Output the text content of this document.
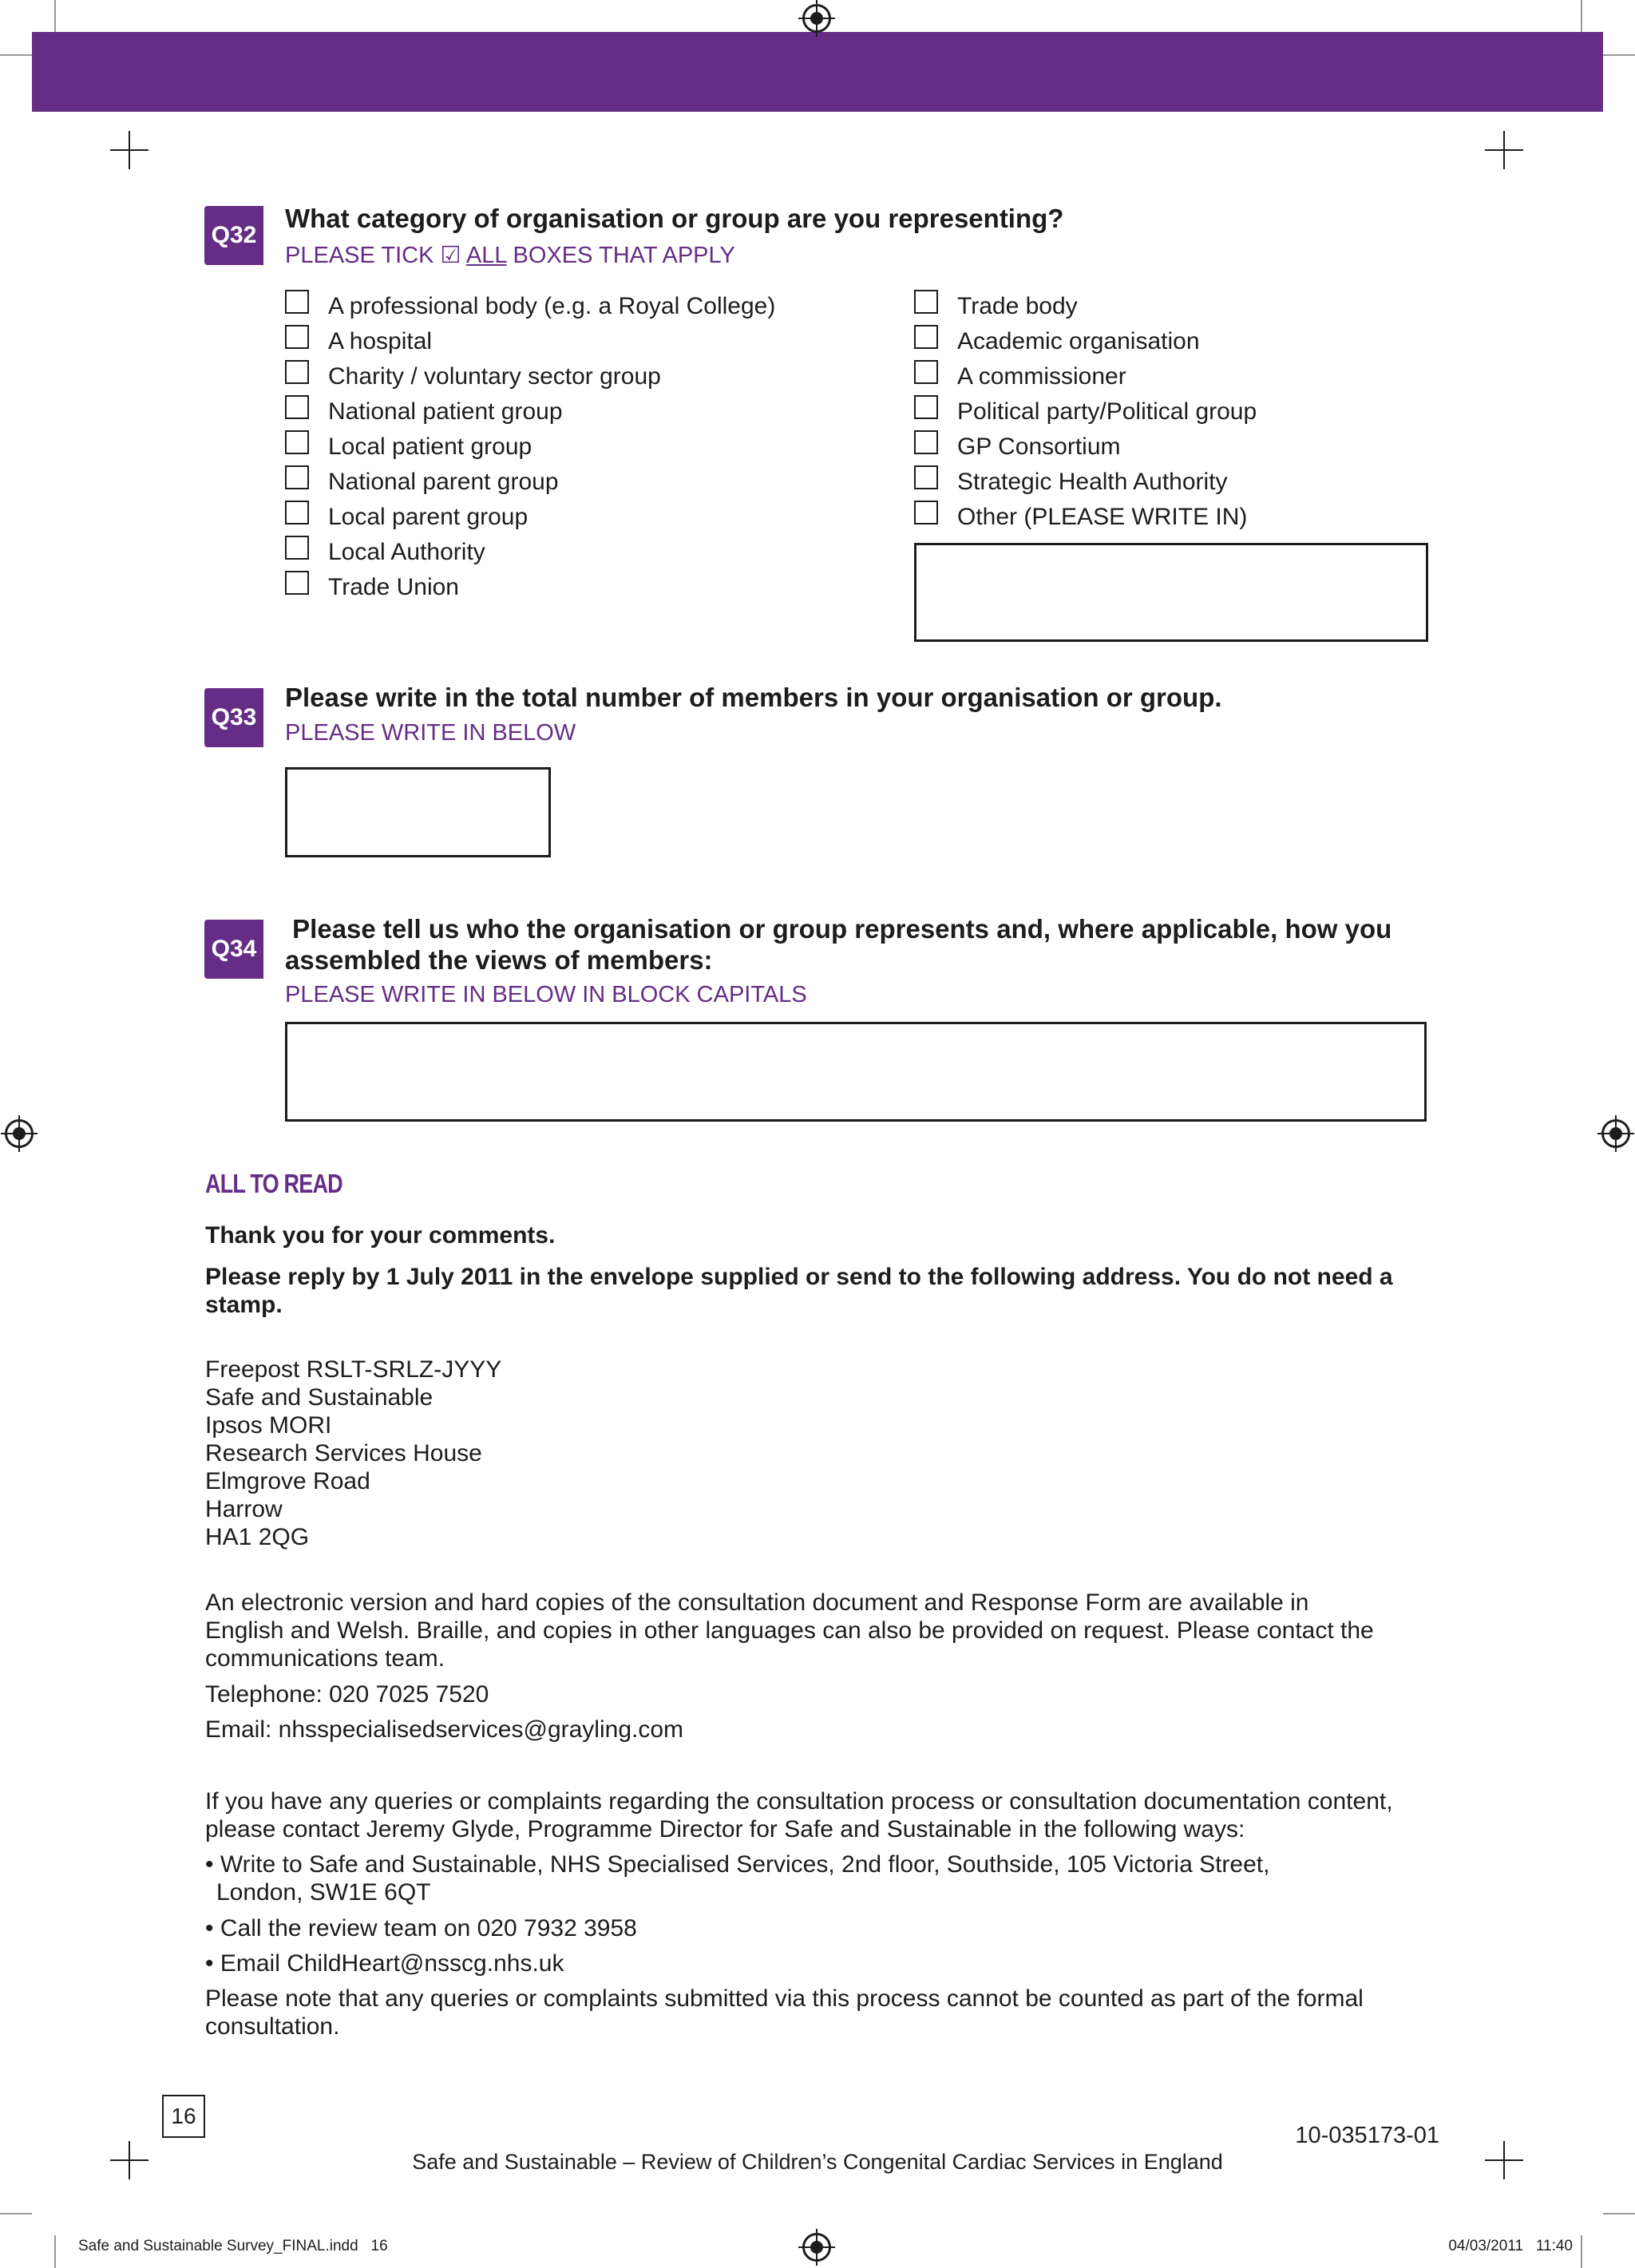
Q32
What category of organisation or group are you representing?
PLEASE TICK ☑ ALL BOXES THAT APPLY
A professional body (e.g. a Royal College)
A hospital
Charity / voluntary sector group
National patient group
Local patient group
National parent group
Local parent group
Local Authority
Trade Union
Trade body
Academic organisation
A commissioner
Political party/Political group
GP Consortium
Strategic Health Authority
Other (PLEASE WRITE IN)
Q33
Please write in the total number of members in your organisation or group.
PLEASE WRITE IN BELOW
Q34
Please tell us who the organisation or group represents and, where applicable, how you
assembled the views of members:
PLEASE WRITE IN BELOW IN BLOCK CAPITALS
ALL TO READ
Thank you for your comments.
Please reply by 1 July 2011 in the envelope supplied or send to the following address. You do not need a
stamp.
Freepost RSLT-SRLZ-JYYY
Safe and Sustainable
Ipsos MORI
Research Services House
Elmgrove Road
Harrow
HA1 2QG
An electronic version and hard copies of the consultation document and Response Form are available in
English and Welsh. Braille, and copies in other languages can also be provided on request. Please contact the
communications team.
Telephone: 020 7025 7520
Email: nhsspecialisedservices@grayling.com
If you have any queries or complaints regarding the consultation process or consultation documentation content,
please contact Jeremy Glyde, Programme Director for Safe and Sustainable in the following ways:
• Write to Safe and Sustainable, NHS Specialised Services, 2nd floor, Southside, 105 Victoria Street,
London, SW1E 6QT
• Call the review team on 020 7932 3958
• Email ChildHeart@nsscg.nhs.uk
Please note that any queries or complaints submitted via this process cannot be counted as part of the formal
consultation.
16
10-035173-01
Safe and Sustainable – Review of Children’s Congenital Cardiac Services in England
Safe and Sustainable Survey_FINAL.indd   16	04/03/2011   11:40
